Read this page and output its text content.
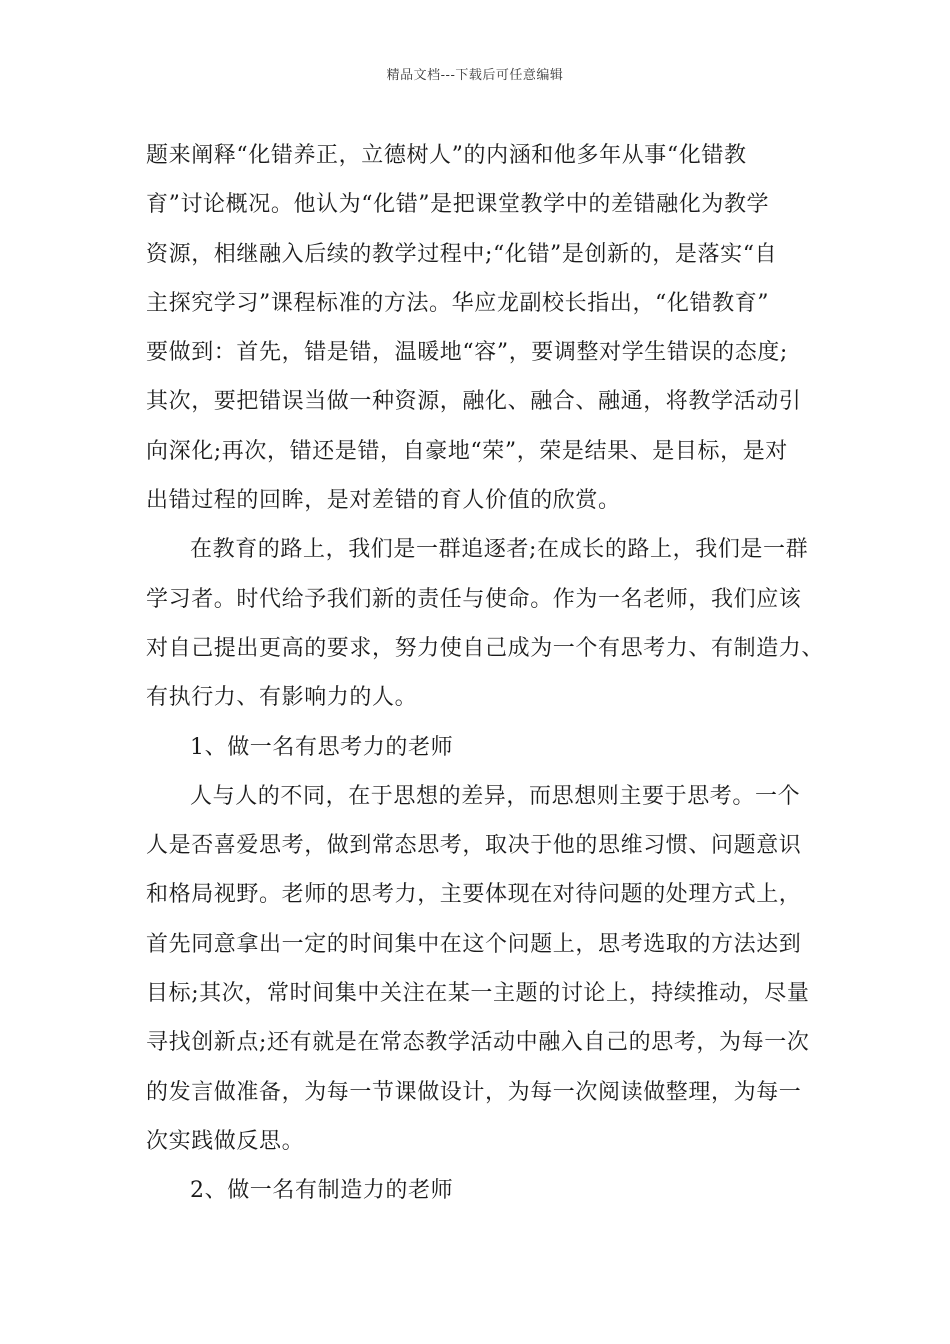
精品文档---下载后可任意编辑
题来阐释“化错养正，立德树人”的内涵和他多年从事“化错教
育”讨论概况。他认为“化错”是把课堂教学中的差错融化为教学
资源，相继融入后续的教学过程中;“化错”是创新的，是落实“自
主探究学习”课程标准的方法。华应龙副校长指出，“化错教育”
要做到：首先，错是错，温暖地“容”，要调整对学生错误的态度;
其次，要把错误当做一种资源，融化、融合、融通，将教学活动引
向深化;再次，错还是错，自豪地“荣”，荣是结果、是目标，是对
出错过程的回眸，是对差错的育人价值的欣赏。
在教育的路上，我们是一群追逐者;在成长的路上，我们是一群
学习者。时代给予我们新的责任与使命。作为一名老师，我们应该
对自己提出更高的要求，努力使自己成为一个有思考力、有制造力、
有执行力、有影响力的人。
1、做一名有思考力的老师
人与人的不同，在于思想的差异，而思想则主要于思考。一个
人是否喜爱思考，做到常态思考，取决于他的思维习惯、问题意识
和格局视野。老师的思考力，主要体现在对待问题的处理方式上，
首先同意拿出一定的时间集中在这个问题上，思考选取的方法达到
目标;其次，常时间集中关注在某一主题的讨论上，持续推动，尽量
寻找创新点;还有就是在常态教学活动中融入自己的思考，为每一次
的发言做准备，为每一节课做设计，为每一次阅读做整理，为每一
次实践做反思。
2、做一名有制造力的老师
